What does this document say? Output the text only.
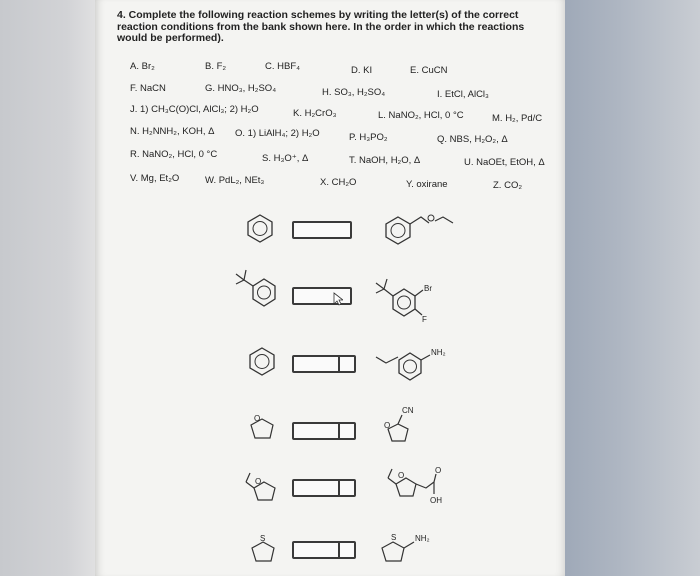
4. Complete the following reaction schemes by writing the letter(s) of the correct reaction conditions from the bank shown here. In the order in which the reactions would be performed).
A. Br₂	B. F₂	C. HBF₄	D. KI	E. CuCN
F. NaCN	G. HNO₃, H₂SO₄	H. SO₃, H₂SO₄	I. EtCl, AlCl₃
J. 1) CH₃C(O)Cl, AlCl₃; 2) H₂O	K. H₂CrO₃	L. NaNO₂, HCl, 0 °C	M. H₂, Pd/C
N. H₂NNH₂, KOH, Δ O. 1) LiAlH₄; 2) H₂O	P. H₃PO₂	Q. NBS, H₂O₂, Δ
R. NaNO₂, HCl, 0 °C	S. H₃O⁺, Δ	T. NaOH, H₂O, Δ	U. NaOEt, EtOH, Δ
V. Mg, Et₂O	W. PdL₂, NEt₃	X. CH₂O	Y. oxirane	Z. CO₂
Br
F
NH₂
O
CN
O
O
O
O
OH
S	S NH₂
